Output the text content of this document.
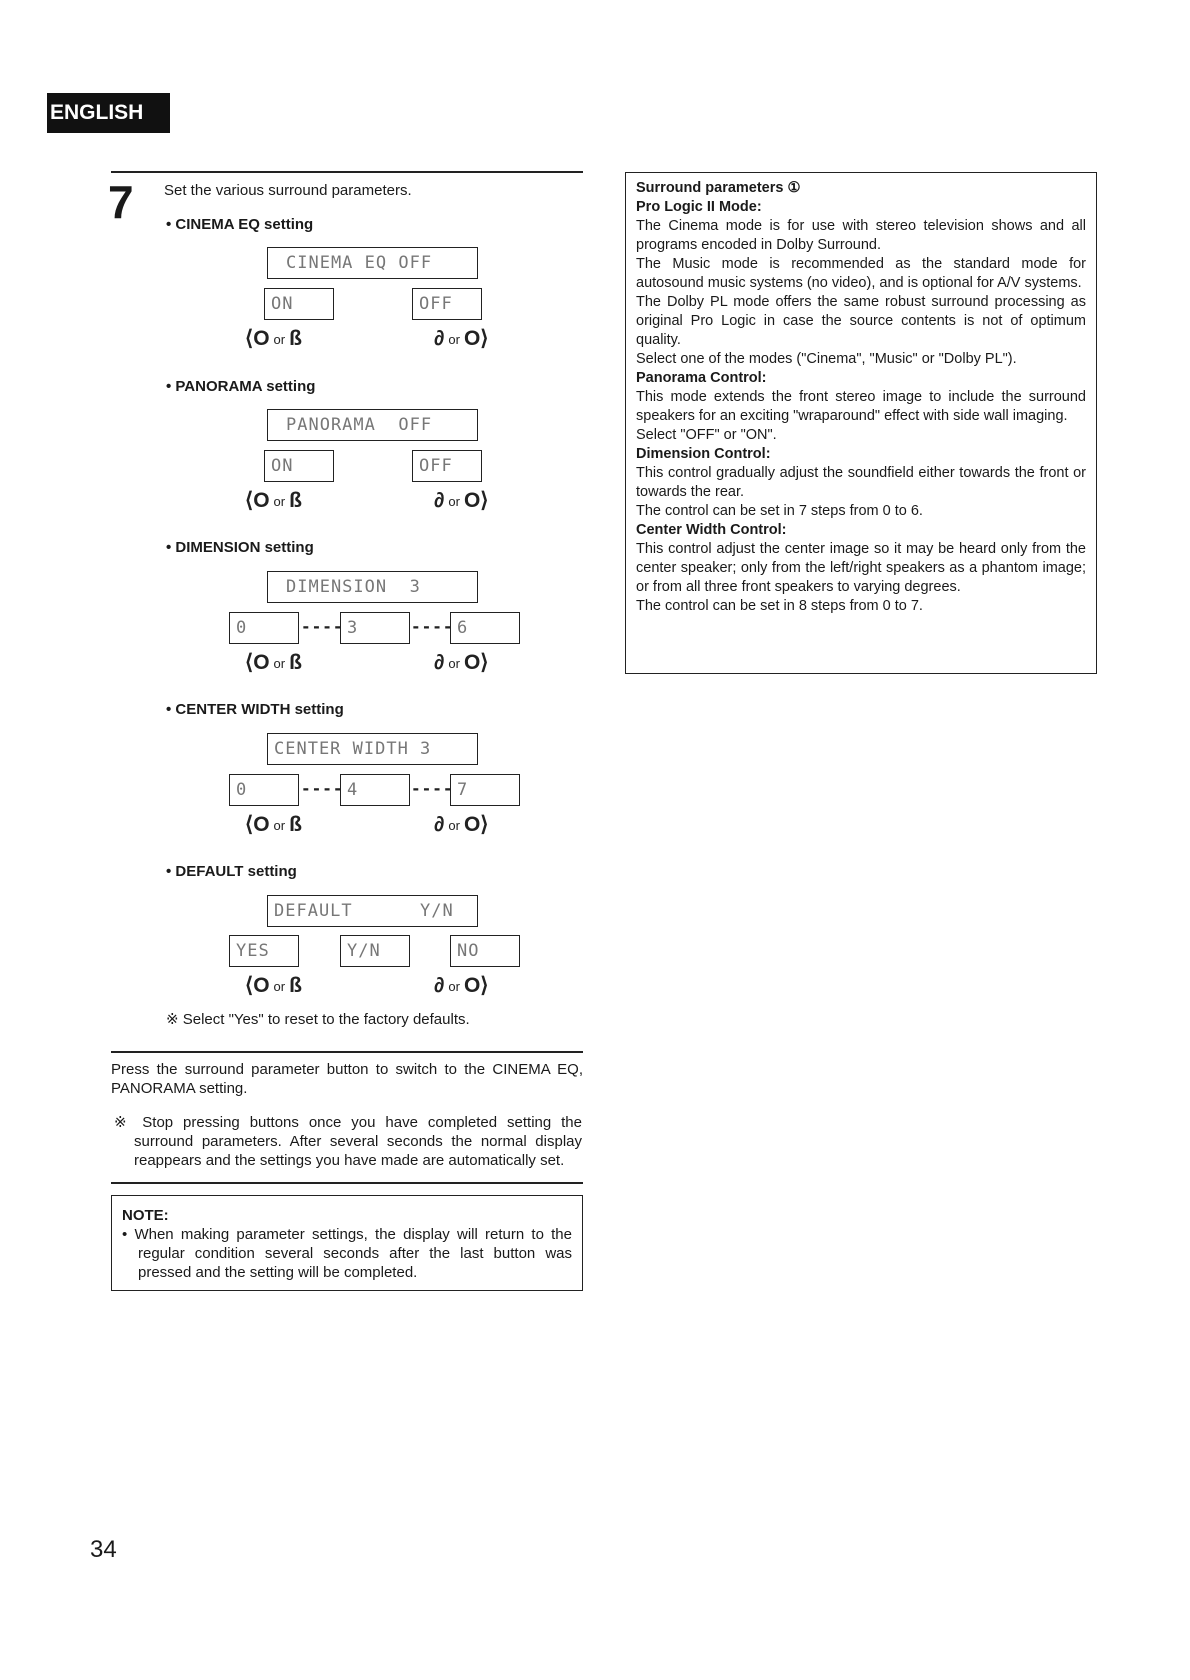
ENGLISH
7 Set the various surround parameters.
• CINEMA EQ setting
CINEMA EQ OFF
ON	OFF
⟨Oor ß	∂ or O⟩
• PANORAMA setting
PANORAMA  OFF
ON	OFF
⟨Oor ß	∂ or O⟩
• DIMENSION setting
DIMENSION  3
0	---- 3	---- 6
⟨Oor ß	∂ or O⟩
• CENTER WIDTH setting
CENTER WIDTH 3
0	---- 4	---- 7
⟨Oor ß	∂ or O⟩
• DEFAULT setting
DEFAULT      Y/N
YES	Y/N	NO
⟨Oor ß	∂ or O⟩
※ Select "Yes" to reset to the factory defaults.
Press the surround parameter button to switch to the CINEMA EQ, PANORAMA setting.
※ Stop pressing buttons once you have completed setting the surround parameters. After several seconds the normal display reappears and the settings you have made are automatically set.
NOTE:
• When making parameter settings, the display will return to the regular condition several seconds after the last button was pressed and the setting will be completed.

Surround parameters ①

Pro Logic II Mode:

The Cinema mode is for use with stereo television shows and all programs encoded in Dolby Surround.

The Music mode is recommended as the standard mode for autosound music systems (no video), and is optional for A/V systems.

The Dolby PL mode offers the same robust surround processing as original Pro Logic in case the source contents is not of optimum quality.

Select one of the modes ("Cinema", "Music" or "Dolby PL").

Panorama Control:

This mode extends the front stereo image to include the surround speakers for an exciting "wraparound" effect with side wall imaging.

Select "OFF" or "ON".

Dimension Control:

This control gradually adjust the soundfield either towards the front or towards the rear.

The control can be set in 7 steps from 0 to 6.

Center Width Control:

This control adjust the center image so it may be heard only from the center speaker; only from the left/right speakers as a phantom image; or from all three front speakers to varying degrees.

The control can be set in 8 steps from 0 to 7.

34
